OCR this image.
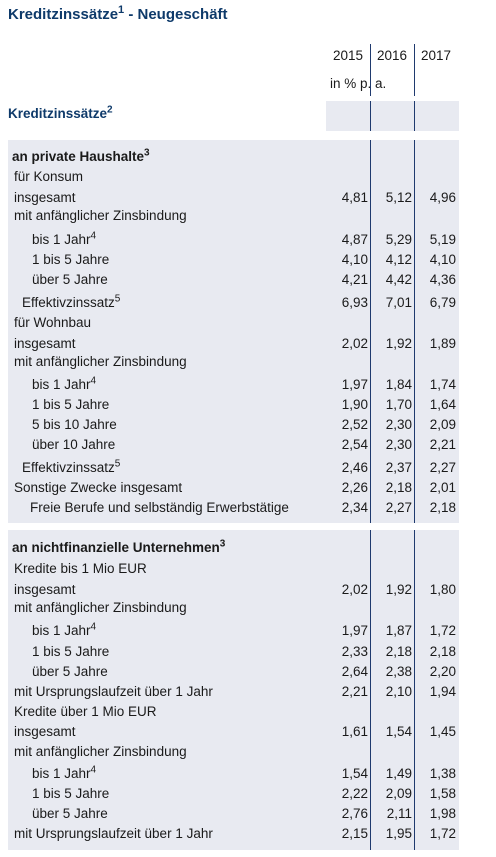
Kreditzinssätze$^1$ - Neugeschäft
2015	2016	2017
in % p. a.
Kreditzinssätze$^2$
an private Haushalte$^3$
für Konsum
insgesamt	4,81	5,12	4,96
mit anfänglicher Zinsbindung
bis 1 Jahr$^4$	4,87	5,29	5,19
1 bis 5 Jahre	4,10	4,12	4,10
über 5 Jahre	4,21	4,42	4,36
Effektivzinssatz$^5$	6,93	7,01	6,79
für Wohnbau
insgesamt	2,02	1,92	1,89
mit anfänglicher Zinsbindung
bis 1 Jahr$^4$	1,97	1,84	1,74
1 bis 5 Jahre	1,90	1,70	1,64
5 bis 10 Jahre	2,52	2,30	2,09
über 10 Jahre	2,54	2,30	2,21
Effektivzinssatz$^5$	2,46	2,37	2,27
Sonstige Zwecke insgesamt	2,26	2,18	2,01
Freie Berufe und selbständig Erwerbstätige	2,34	2,27	2,18
an nichtfinanzielle Unternehmen$^3$
Kredite bis 1 Mio EUR
insgesamt	2,02	1,92	1,80
mit anfänglicher Zinsbindung
bis 1 Jahr$^4$	1,97	1,87	1,72
1 bis 5 Jahre	2,33	2,18	2,18
über 5 Jahre	2,64	2,38	2,20
mit Ursprungslaufzeit über 1 Jahr	2,21	2,10	1,94
Kredite über 1 Mio EUR
insgesamt	1,61	1,54	1,45
mit anfänglicher Zinsbindung
bis 1 Jahr$^4$	1,54	1,49	1,38
1 bis 5 Jahre	2,22	2,09	1,58
über 5 Jahre	2,76	2,11	1,98
mit Ursprungslaufzeit über 1 Jahr	2,15	1,95	1,72
